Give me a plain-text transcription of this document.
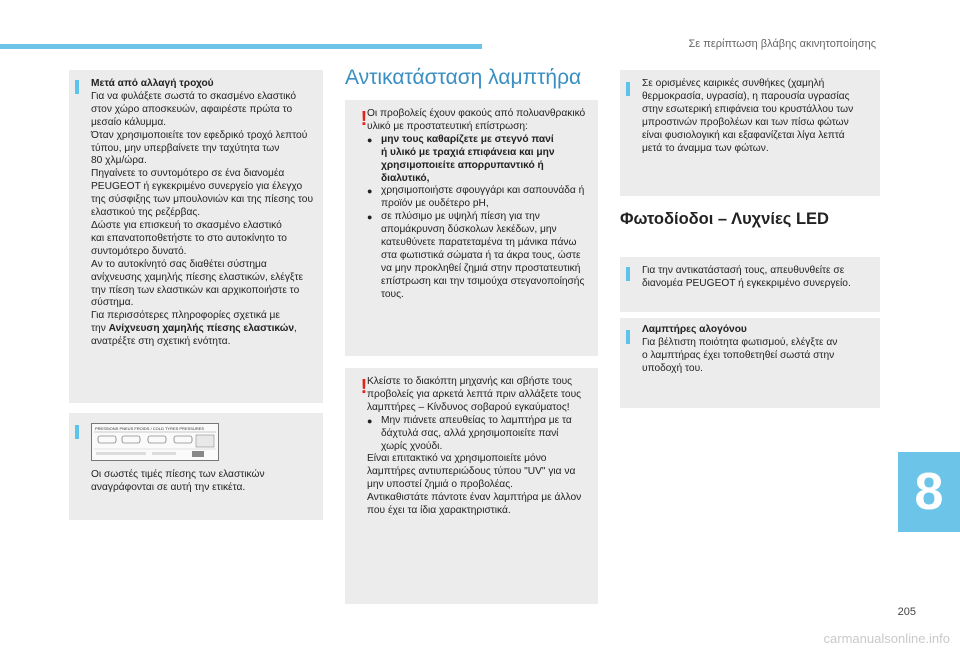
Σε περίπτωση βλάβης ακινητοποίησης

Μετά από αλλαγή τροχού

Για να φυλάξετε σωστά το σκασμένο ελαστικό

στον χώρο αποσκευών, αφαιρέστε πρώτα το

μεσαίο κάλυμμα.

Όταν χρησιμοποιείτε τον εφεδρικό τροχό λεπτού

τύπου, μην υπερβαίνετε την ταχύτητα των

80 χλμ/ώρα.

Πηγαίνετε το συντομότερο σε ένα διανομέα

PEUGEOT ή εγκεκριμένο συνεργείο για έλεγχο

της σύσφιξης των μπουλονιών και της πίεσης του

ελαστικού της ρεζέρβας.

Δώστε για επισκευή το σκασμένο ελαστικό

και επανατοποθετήστε το στο αυτοκίνητο το

συντομότερο δυνατό.

Αν το αυτοκίνητό σας διαθέτει σύστημα

ανίχνευσης χαμηλής πίεσης ελαστικών, ελέγξτε

την πίεση των ελαστικών και αρχικοποιήστε το

σύστημα.

Για περισσότερες πληροφορίες σχετικά με

την Ανίχνευση χαμηλής πίεσης ελαστικών,

ανατρέξτε στη σχετική ενότητα.

PRESSIONS PNEUS FROIDS / COLD TYRES PRESSURES

Οι σωστές τιμές πίεσης των ελαστικών

αναγράφονται σε αυτή την ετικέτα.

Αντικατάσταση λαμπτήρα
! Οι προβολείς έχουν φακούς από πολυανθρακικό

υλικό με προστατευτική επίστρωση:

● μην τους καθαρίζετε με στεγνό πανί

ή υλικό με τραχιά επιφάνεια και μην

χρησιμοποιείτε απορρυπαντικό ή

διαλυτικό,

● χρησιμοποιήστε σφουγγάρι και σαπουνάδα ή

προϊόν με ουδέτερο pH,

● σε πλύσιμο με υψηλή πίεση για την

απομάκρυνση δύσκολων λεκέδων, μην

κατευθύνετε παρατεταμένα τη μάνικα πάνω

στα φωτιστικά σώματα ή τα άκρα τους, ώστε

να μην προκληθεί ζημιά στην προστατευτική

επίστρωση και την τσιμούχα στεγανοποίησής

τους.

! Κλείστε το διακόπτη μηχανής και σβήστε τους

προβολείς για αρκετά λεπτά πριν αλλάξετε τους

λαμπτήρες – Κίνδυνος σοβαρού εγκαύματος!

● Μην πιάνετε απευθείας το λαμπτήρα με τα

δάχτυλά σας, αλλά χρησιμοποιείτε πανί

χωρίς χνούδι.

Είναι επιτακτικό να χρησιμοποιείτε μόνο

λαμπτήρες αντιυπεριώδους τύπου "UV" για να

μην υποστεί ζημιά ο προβολέας.

Αντικαθιστάτε πάντοτε έναν λαμπτήρα με άλλον

που έχει τα ίδια χαρακτηριστικά.

Σε ορισμένες καιρικές συνθήκες (χαμηλή

θερμοκρασία, υγρασία), η παρουσία υγρασίας

στην εσωτερική επιφάνεια του κρυστάλλου των

μπροστινών προβολέων και των πίσω φώτων

είναι φυσιολογική και εξαφανίζεται λίγα λεπτά

μετά το άναμμα των φώτων.

Φωτοδίοδοι – Λυχνίες LED

Για την αντικατάστασή τους, απευθυνθείτε σε

διανομέα PEUGEOT ή εγκεκριμένο συνεργείο.

Λαμπτήρες αλογόνου

Για βέλτιστη ποιότητα φωτισμού, ελέγξτε αν

ο λαμπτήρας έχει τοποθετηθεί σωστά στην

υποδοχή του.

8
205
carmanualsonline.info
